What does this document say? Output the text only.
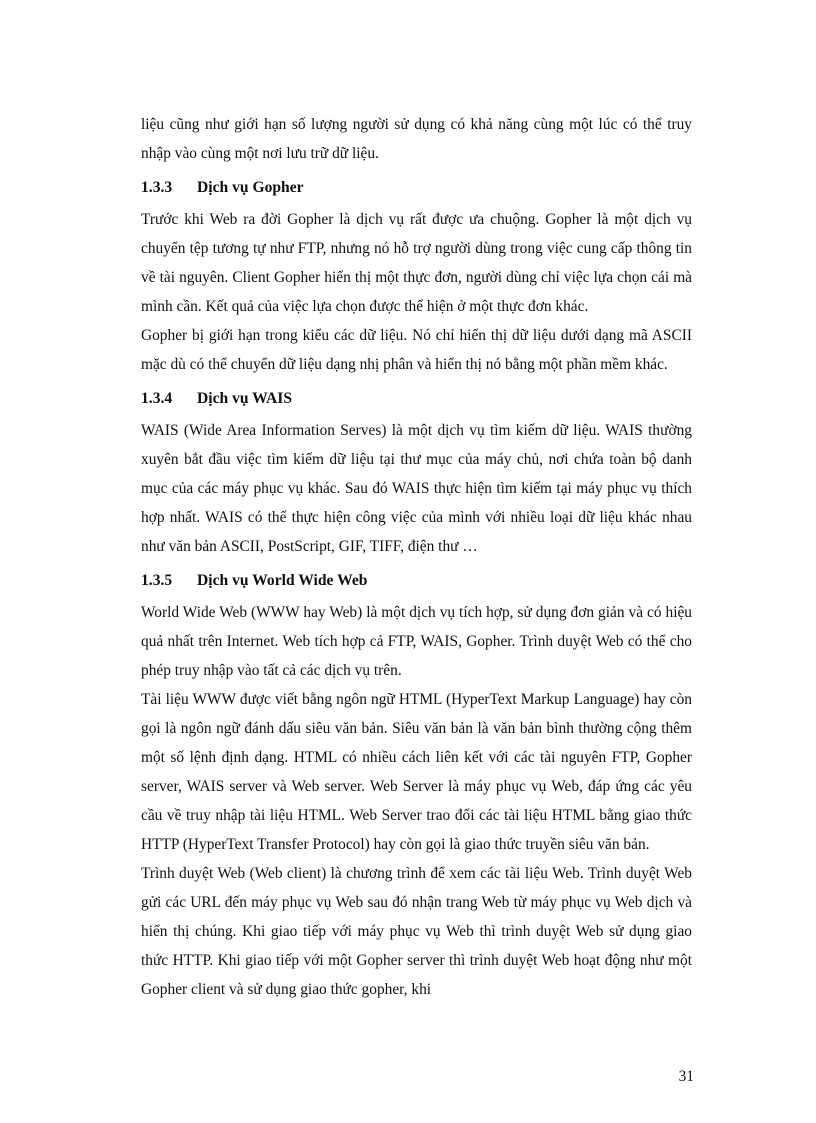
liệu cũng như giới hạn số lượng người sử dụng có khả năng cùng một lúc có thể truy nhập vào cùng một nơi lưu trữ dữ liệu.

1.3.3 Dịch vụ Gopher

Trước khi Web ra đời Gopher là dịch vụ rất được ưa chuộng. Gopher là một dịch vụ chuyển tệp tương tự như FTP, nhưng nó hỗ trợ người dùng trong việc cung cấp thông tin về tài nguyên. Client Gopher hiển thị một thực đơn, người dùng chỉ việc lựa chọn cái mà mình cần. Kết quả của việc lựa chọn được thể hiện ở một thực đơn khác.

Gopher bị giới hạn trong kiểu các dữ liệu. Nó chỉ hiển thị dữ liệu dưới dạng mã ASCII mặc dù có thể chuyển dữ liệu dạng nhị phân và hiển thị nó bằng một phần mềm khác.

1.3.4 Dịch vụ WAIS

WAIS (Wide Area Information Serves) là một dịch vụ tìm kiếm dữ liệu. WAIS thường xuyên bắt đầu việc tìm kiếm dữ liệu tại thư mục của máy chủ, nơi chứa toàn bộ danh mục của các máy phục vụ khác. Sau đó WAIS thực hiện tìm kiếm tại máy phục vụ thích hợp nhất. WAIS có thể thực hiện công việc của mình với nhiều loại dữ liệu khác nhau như văn bản ASCII, PostScript, GIF, TIFF, điện thư …

1.3.5 Dịch vụ World Wide Web

World Wide Web (WWW hay Web) là một dịch vụ tích hợp, sử dụng đơn giản và có hiệu quả nhất trên Internet. Web tích hợp cả FTP, WAIS, Gopher. Trình duyệt Web có thể cho phép truy nhập vào tất cả các dịch vụ trên.

Tài liệu WWW được viết bằng ngôn ngữ HTML (HyperText Markup Language) hay còn gọi là ngôn ngữ đánh dấu siêu văn bản. Siêu văn bản là văn bản bình thường cộng thêm một số lệnh định dạng. HTML có nhiều cách liên kết với các tài nguyên FTP, Gopher server, WAIS server và Web server. Web Server là máy phục vụ Web, đáp ứng các yêu cầu về truy nhập tài liệu HTML. Web Server trao đổi các tài liệu HTML bằng giao thức HTTP (HyperText Transfer Protocol) hay còn gọi là giao thức truyền siêu văn bản.

Trình duyệt Web (Web client) là chương trình để xem các tài liệu Web. Trình duyệt Web gửi các URL đến máy phục vụ Web sau đó nhận trang Web từ máy phục vụ Web dịch và hiển thị chúng. Khi giao tiếp với máy phục vụ Web thì trình duyệt Web sử dụng giao thức HTTP. Khi giao tiếp với một Gopher server thì trình duyệt Web hoạt động như một Gopher client và sử dụng giao thức gopher, khi

31
